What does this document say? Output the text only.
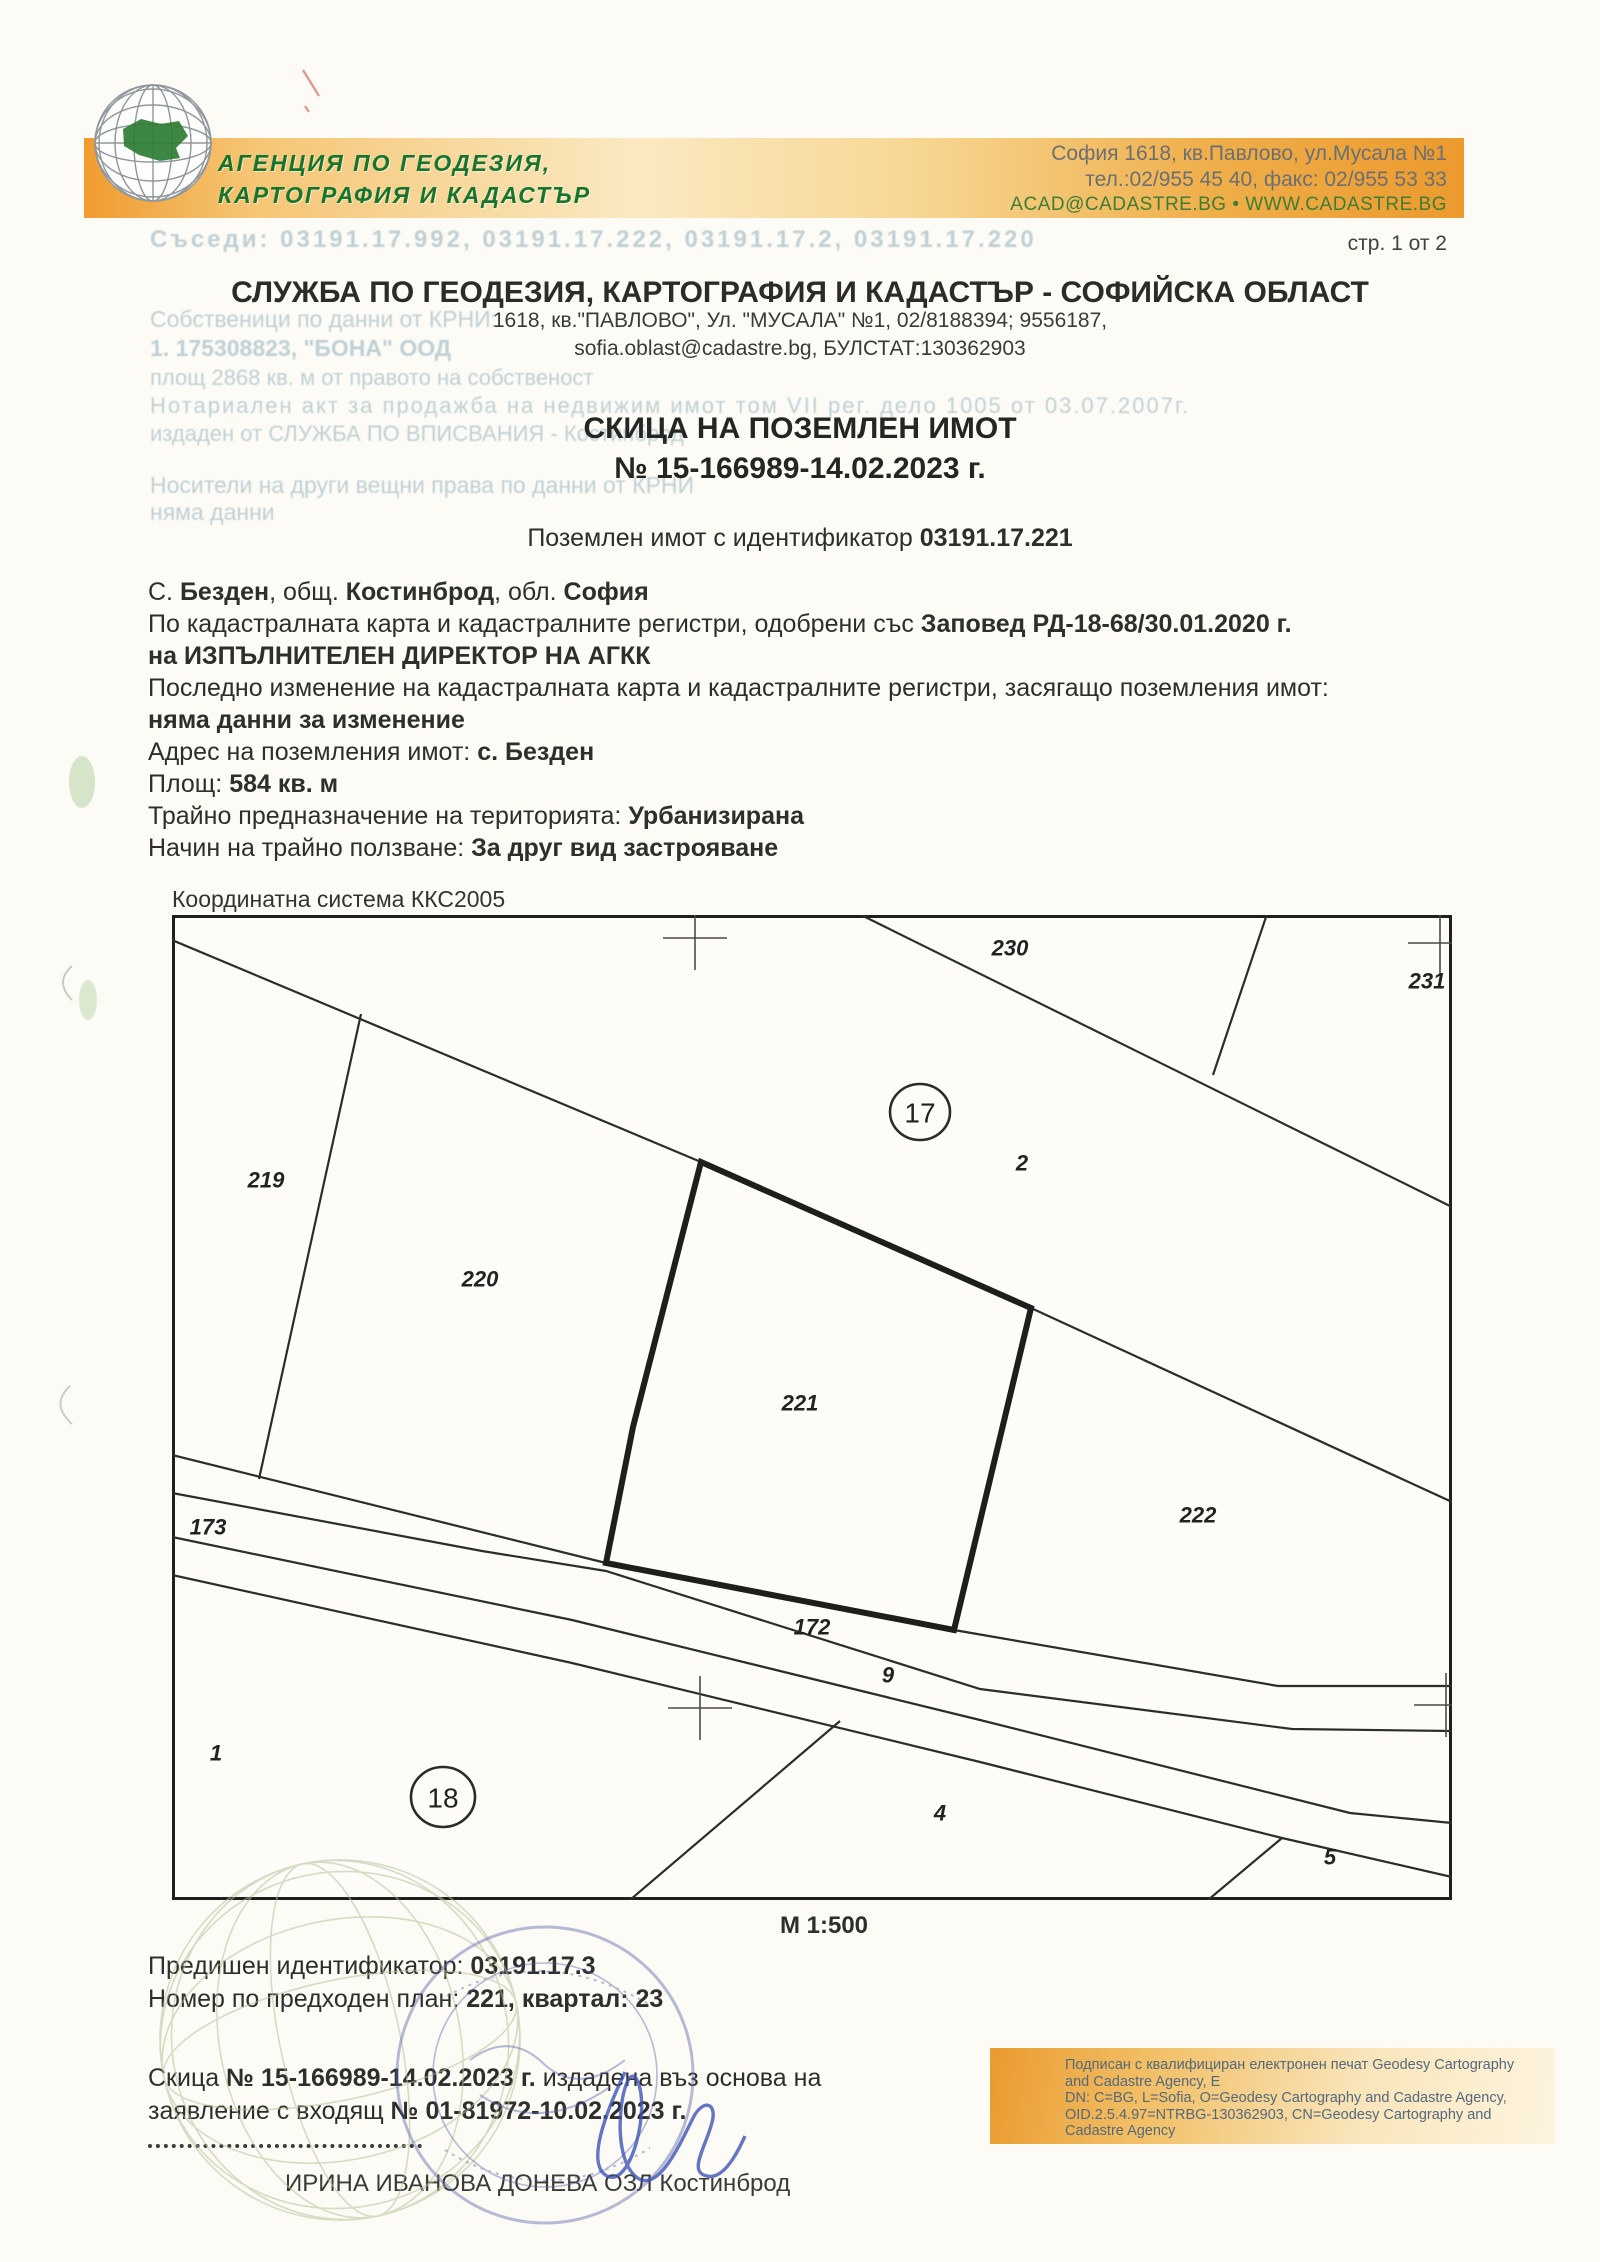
Съседи: 03191.17.992, 03191.17.222, 03191.17.2, 03191.17.220
Собственици по данни от КРНИ:
1. 175308823, "БОНА" ООД
площ 2868 кв. м от правото на собственост
Нотариален акт за продажба на недвижим имот том VII рег. дело 1005 от 03.07.2007г.
издаден от СЛУЖБА ПО ВПИСВАНИЯ - Костинброд
Носители на други вещни права по данни от КРНИ
няма данни
АГЕНЦИЯ ПО ГЕОДЕЗИЯ,
КАРТОГРАФИЯ И КАДАСТЪР
София 1618, кв.Павлово, ул.Мусала №1
тел.:02/955 45 40, факс: 02/955 53 33
ACAD@CADASTRE.BG • WWW.CADASTRE.BG
стр. 1 от 2
СЛУЖБА ПО ГЕОДЕЗИЯ, КАРТОГРАФИЯ И КАДАСТЪР - СОФИЙСКА ОБЛАСТ
1618, кв."ПАВЛОВО", Ул. "МУСАЛА" №1, 02/8188394; 9556187,
sofia.oblast@cadastre.bg, БУЛСТАТ:130362903
СКИЦА НА ПОЗЕМЛЕН ИМОТ
№ 15-166989-14.02.2023 г.
Поземлен имот с идентификатор 03191.17.221
С. Безден, общ. Костинброд, обл. София
По кадастралната карта и кадастралните регистри, одобрени със Заповед РД-18-68/30.01.2020 г.
на ИЗПЪЛНИТЕЛЕН ДИРЕКТОР НА АГКК
Последно изменение на кадастралната карта и кадастралните регистри, засягащо поземления имот:
няма данни за изменение
Адрес на поземления имот: с. Безден
Площ: 584 кв. м
Трайно предназначение на територията: Урбанизирана
Начин на трайно ползване: За друг вид застрояване
Координатна система ККС2005
230
231
2
219
220
221
222
173
172
9
1
4
5
17
18
М 1:500
Предишен идентификатор: 03191.17.3
Номер по предходен план: 221, квартал: 23
Скица № 15-166989-14.02.2023 г. издадена въз основа на
заявление с входящ № 01-81972-10.02.2023 г.
ИРИНА ИВАНОВА ДОНЕВА ОЗЛ Костинброд
Подписан с квалифициран електронен печат Geodesy Cartography
and Cadastre Agency, E
DN: C=BG, L=Sofia, O=Geodesy Cartography and Cadastre Agency,
OID.2.5.4.97=NTRBG-130362903, CN=Geodesy Cartography and
Cadastre Agency
